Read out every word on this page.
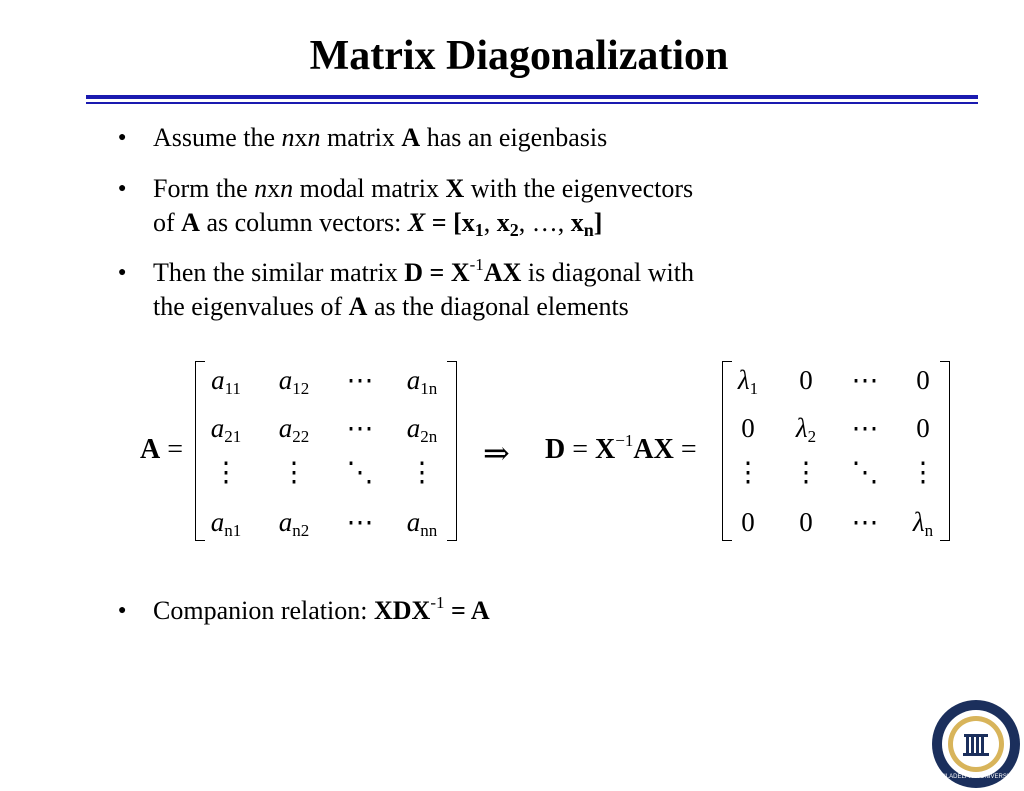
Matrix Diagonalization
● Assume the nxn matrix A has an eigenbasis
● Form the nxn modal matrix X with the eigenvectors
of A as column vectors: $X = [x_1$, $x_2$, …, $x_n$]
● Then the similar matrix $D = X^{-1}AX$ is diagonal with
the eigenvalues of A as the diagonal elements
A =
$a_{11}$	$a_{12}$	⋯	$a_{1n}$
$a_{21}$	$a_{22}$	⋯	$a_{2n}$
⋮	⋮	⋱	⋮
$a_{n1}$	$a_{n2}$	⋯	$a_{nn}$
⇒ $D = X^{-1}AX$ =
$\lambda_1$	0	⋯	0
0	$\lambda_2$	⋯	0
⋮	⋮	⋱	⋮
0	0	⋯	$\lambda_n$
● Companion relation: $XDX^{-1} = A$
PHILADELPHIA UNIVERSITY
